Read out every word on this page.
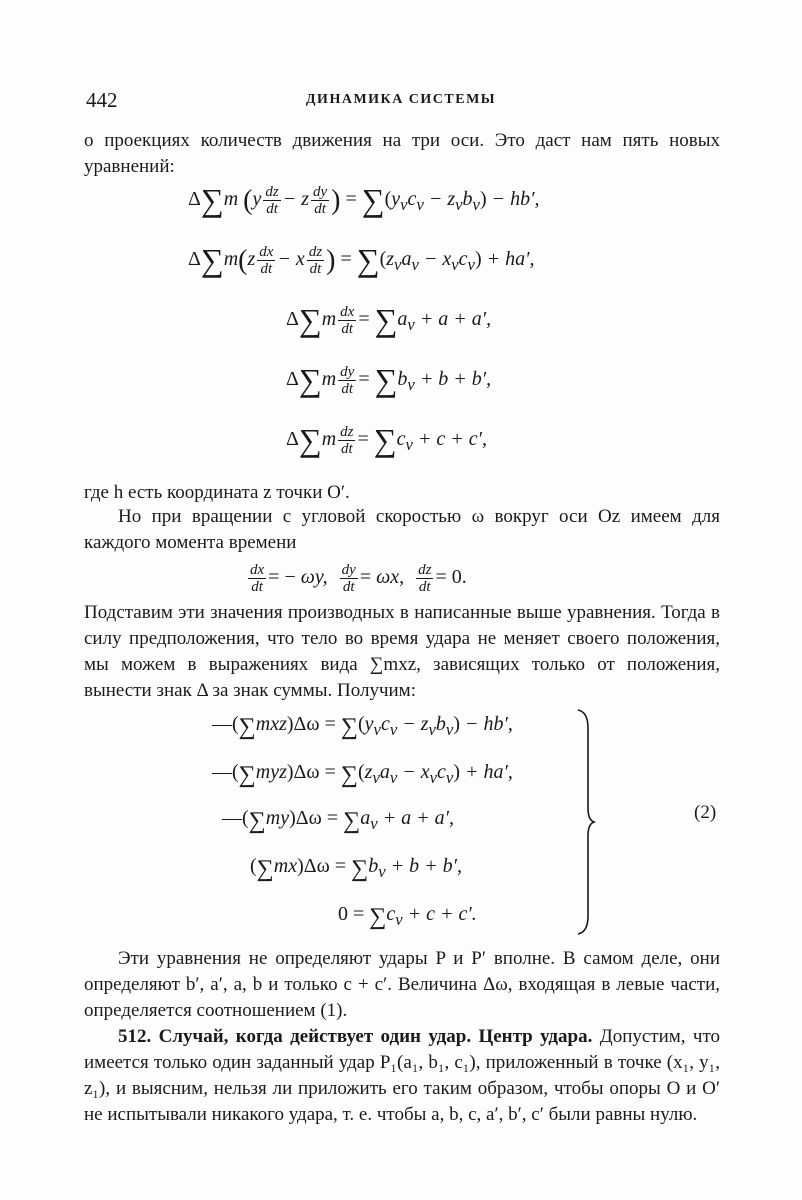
442	ДИНАМИКА СИСТЕМЫ
о проекциях количеств движения на три оси. Это даст нам пять новых уравнений:
Δ∑m ($y \frac{dz}{dt} - z \frac{dy}{dt}$ ) = $\sum(y_\nu c_\nu - z_\nu b_\nu) - hb'$,
$\Delta\sum m(z \frac{dx}{dt} - x \frac{dz}{dt}$ ) = $\sum(z_\nu a_\nu - x_\nu c_\nu) + ha'$,
$\Delta\sum m \frac{dx}{dt} = \sum a_\nu + a + a'$,
$\Delta\sum m \frac{dy}{dt} = \sum b_\nu + b + b'$,
$\Delta\sum m \frac{dz}{dt} = \sum c_\nu + c + c'$,
где h есть координата z точки O′.
Но при вращении с угловой скоростью ω вокруг оси Oz имеем для каждого момента времени
$\frac{dx}{dt}$ = − ωy, $\frac{dy}{dt} = \omega x$, $\frac{dz}{dt} = 0$.
Подставим эти значения производных в написанные выше уравнения. Тогда в силу предположения, что тело во время удара не меняет своего положения, мы можем в выражениях вида ∑mxz, зависящих только от положения, вынести знак Δ за знак суммы. Получим:
—(∑mxz)Δω = $\sum(y_\nu c_\nu - z_\nu b_\nu) - hb'$,
—(∑myz)Δω = $\sum(z_\nu a_\nu - x_\nu c_\nu) + ha'$,
—(∑my)Δω = $\sum a_\nu + a + a'$,
$(\sum mx)\Delta\omega = \sum b_\nu + b + b'$,
$0 = \sum c_\nu + c + c'$.
(2)
Эти уравнения не определяют удары P и P′ вполне. В самом деле, они определяют b′, a′, a, b и только c + c′. Величина Δω, входящая в левые части, определяется соотношением (1).
512. Случай, когда действует один удар. Центр удара. Допустим, что имеется только один заданный удар P₁(a₁, b₁, c₁), приложенный в точке (x₁, y₁, z₁), и выясним, нельзя ли приложить его таким образом, чтобы опоры O и O′ не испытывали никакого удара, т. е. чтобы a, b, c, a′, b′, c′ были равны нулю.
